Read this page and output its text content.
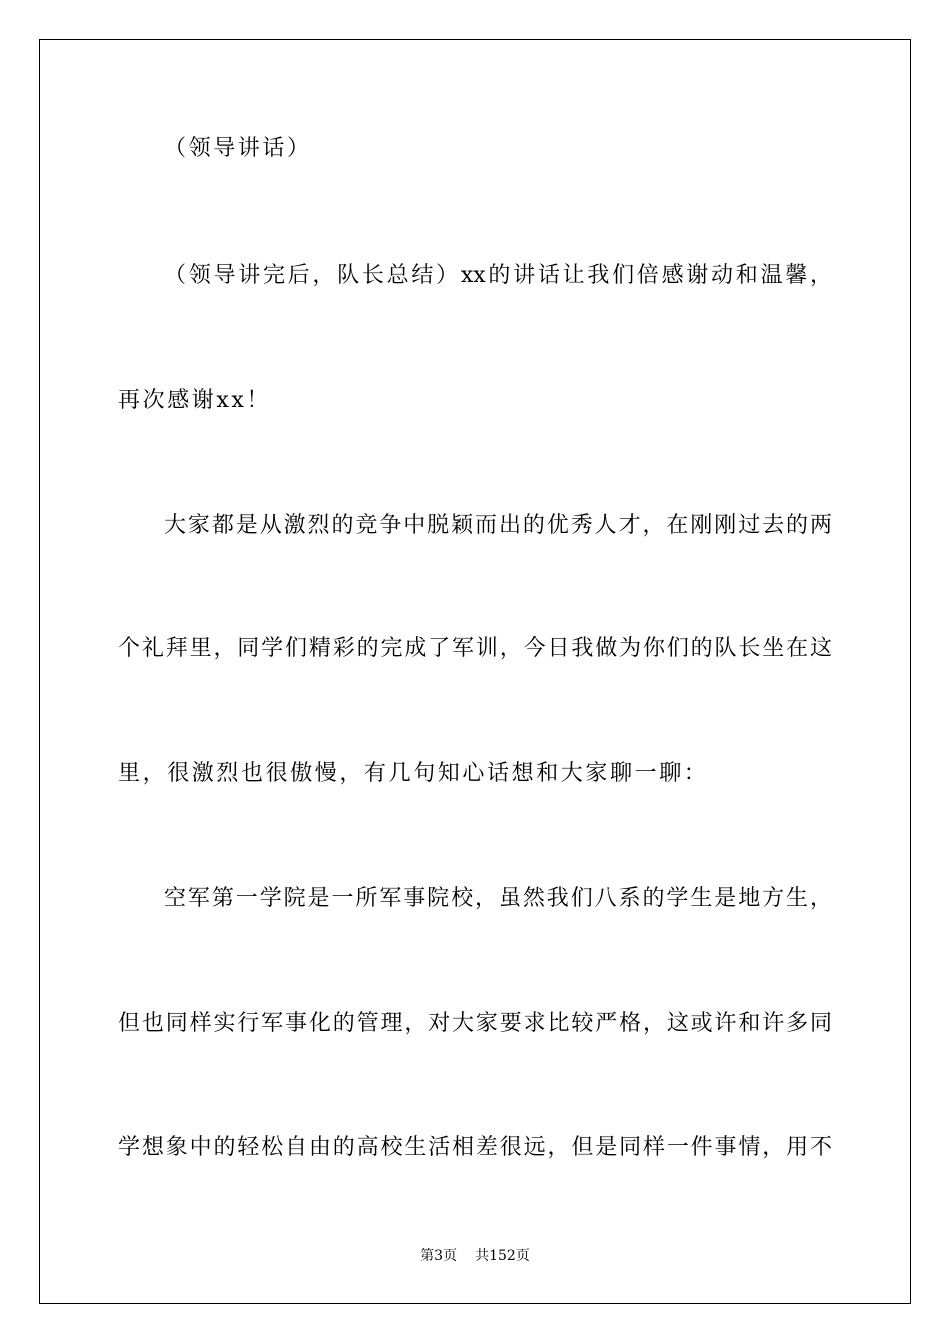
（领导讲话）
（领导讲完后，队长总结）xx的讲话让我们倍感谢动和温馨，
再次感谢xx！
大家都是从激烈的竞争中脱颖而出的优秀人才，在刚刚过去的两
个礼拜里，同学们精彩的完成了军训，今日我做为你们的队长坐在这
里，很激烈也很傲慢，有几句知心话想和大家聊一聊：
空军第一学院是一所军事院校，虽然我们八系的学生是地方生，
但也同样实行军事化的管理，对大家要求比较严格，这或许和许多同
学想象中的轻松自由的高校生活相差很远，但是同样一件事情，用不
第3页 共152页
